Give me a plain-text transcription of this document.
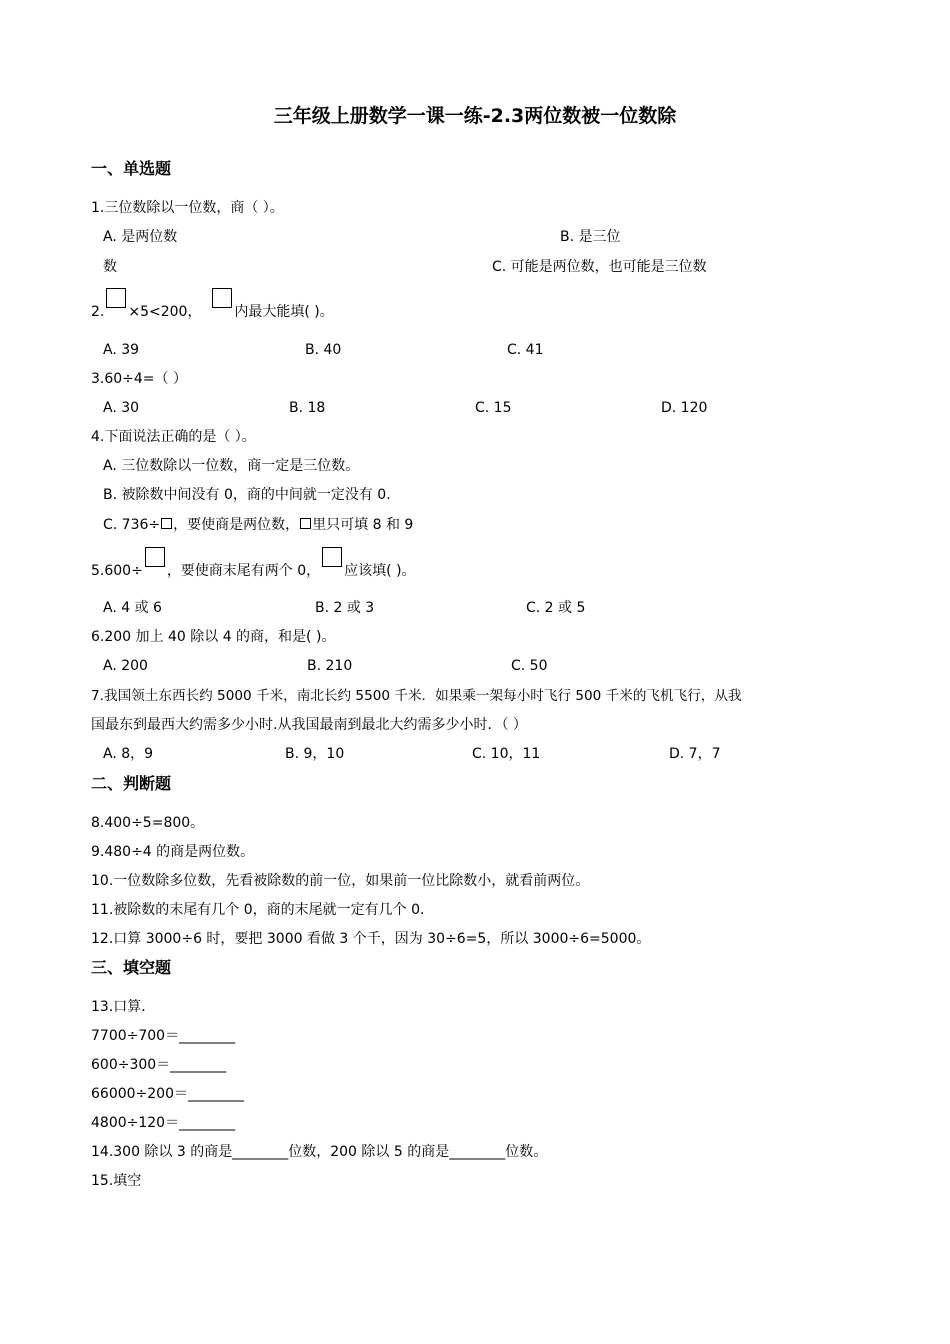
三年级上册数学一课一练-2.3两位数被一位数除
一、单选题
1.三位数除以一位数，商（ ）。
A. 是两位数	B. 是三位
数	C. 可能是两位数，也可能是三位数
2. ×5<200， 内最大能填( )。
A. 39	B. 40	C. 41
3.60÷4=（ ）
A. 30	B. 18	C. 15	D. 120
4.下面说法正确的是（ ）。
A. 三位数除以一位数，商一定是三位数。
B. 被除数中间没有 0，商的中间就一定没有 0.
C. 736÷ ，要使商是两位数， 里只可填 8 和 9
5.600÷ ，要使商末尾有两个 0， 应该填( )。
A. 4 或 6	B. 2 或 3	C. 2 或 5
6.200 加上 40 除以 4 的商，和是( )。
A. 200	B. 210	C. 50
7.我国领土东西长约 5000 千米，南北长约 5500 千米．如果乘一架每小时飞行 500 千米的飞机飞行，从我
国最东到最西大约需多少小时.从我国最南到最北大约需多少小时．（ ）
A. 8，9	B. 9，10	C. 10，11	D. 7，7
二、判断题
8.400÷5=800。
9.480÷4 的商是两位数。
10.一位数除多位数，先看被除数的前一位，如果前一位比除数小，就看前两位。
11.被除数的末尾有几个 0，商的末尾就一定有几个 0．
12.口算 3000÷6 时，要把 3000 看做 3 个千，因为 30÷6=5，所以 3000÷6=5000。
三、填空题
13.口算．
7700÷700＝________
600÷300＝________
66000÷200＝________
4800÷120＝________
14.300 除以 3 的商是________位数，200 除以 5 的商是________位数。
15.填空
